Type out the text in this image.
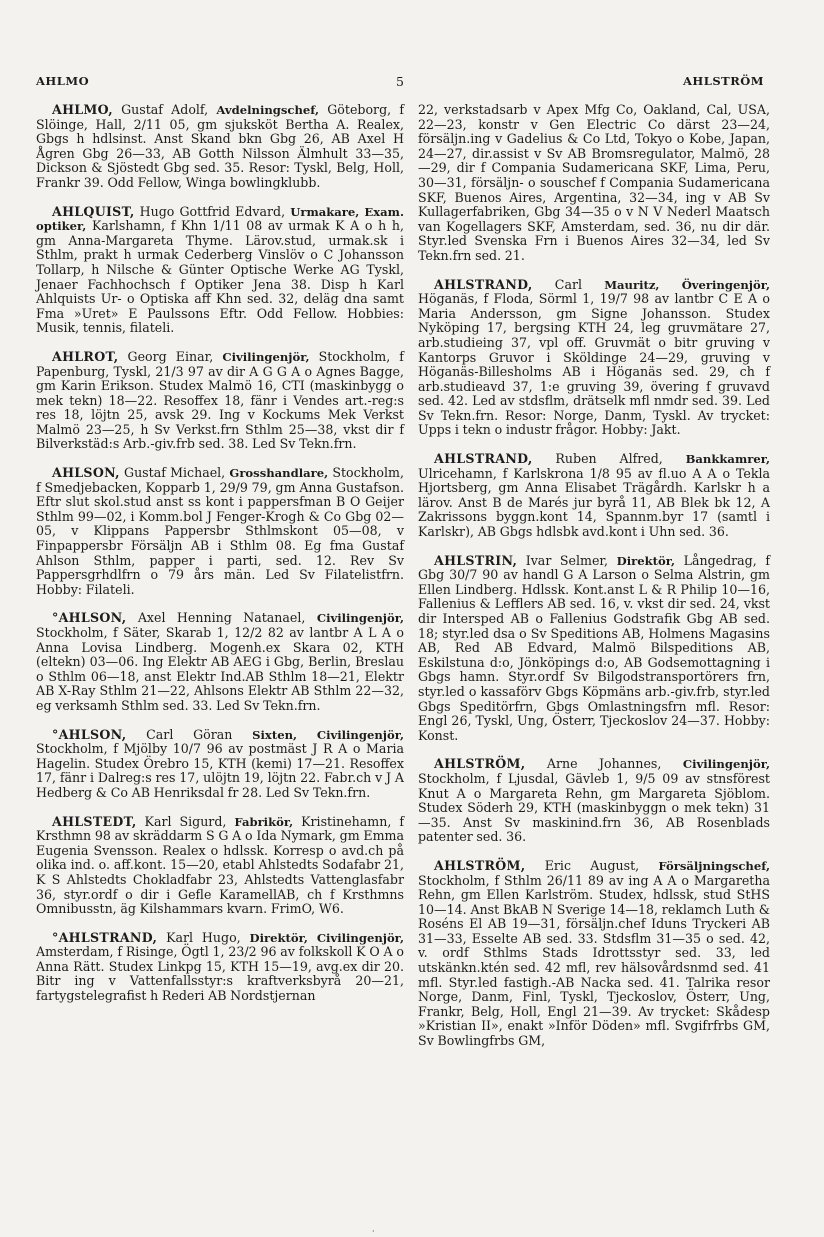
AHLMO	5	AHLSTRÖM

AHLMO, Gustaf Adolf, Avdelningschef, Göteborg, f Slöinge, Hall, 2/11 05, gm sjuksköt Bertha A. Realex, Gbgs h hdlsinst. Anst Skand bkn Gbg 26, AB Axel H Ågren Gbg 26—33, AB Gotth Nilsson Älmhult 33—35, Dickson & Sjöstedt Gbg sed. 35. Resor: Tyskl, Belg, Holl, Frankr 39. Odd Fellow, Winga bowlingklubb.

AHLQUIST, Hugo Gottfrid Edvard, Urmakare, Exam. optiker, Karlshamn, f Khn 1/11 08 av urmak K A o h h, gm Anna-Margareta Thyme. Lärov.stud, urmak.sk i Sthlm, prakt h urmak Cederberg Vinslöv o C Johansson Tollarp, h Nilsche & Günter Optische Werke AG Tyskl, Jenaer Fachhochsch f Optiker Jena 38. Disp h Karl Ahlquists Ur- o Optiska aff Khn sed. 32, deläg dna samt Fma »Uret» E Paulssons Eftr. Odd Fellow. Hobbies: Musik, tennis, filateli.

AHLROT, Georg Einar, Civilingenjör, Stockholm, f Papenburg, Tyskl, 21/3 97 av dir A G G A o Agnes Bagge, gm Karin Erikson. Studex Malmö 16, CTI (maskinbygg o mek tekn) 18—22. Resoffex 18, fänr i Vendes art.-reg:s res 18, löjtn 25, avsk 29. Ing v Kockums Mek Verkst Malmö 23—25, h Sv Verkst.frn Sthlm 25—38, vkst dir f Bilverkstäd:s Arb.-giv.frb sed. 38. Led Sv Tekn.frn.

AHLSON, Gustaf Michael, Grosshandlare, Stockholm, f Smedjebacken, Kopparb 1, 29/9 79, gm Anna Gustafson. Eftr slut skol.stud anst ss kont i pappersfman B O Geijer Sthlm 99—02, i Komm.bol J Fenger-Krogh & Co Gbg 02—05, v Klippans Pappersbr Sthlmskont 05—08, v Finpappersbr Försäljn AB i Sthlm 08. Eg fma Gustaf Ahlson Sthlm, papper i parti, sed. 12. Rev Sv Pappersgrhdlfrn o 79 års män. Led Sv Filatelistfrn. Hobby: Filateli.

°AHLSON, Axel Henning Natanael, Civilingenjör, Stockholm, f Säter, Skarab 1, 12/2 82 av lantbr A L A o Anna Lovisa Lindberg. Mogenh.ex Skara 02, KTH (eltekn) 03—06. Ing Elektr AB AEG i Gbg, Berlin, Breslau o Sthlm 06—18, anst Elektr Ind.AB Sthlm 18—21, Elektr AB X-Ray Sthlm 21—22, Ahlsons Elektr AB Sthlm 22—32, eg verksamh Sthlm sed. 33. Led Sv Tekn.frn.

°AHLSON, Carl Göran Sixten, Civilingenjör, Stockholm, f Mjölby 10/7 96 av postmäst J R A o Maria Hagelin. Studex Örebro 15, KTH (kemi) 17—21. Resoffex 17, fänr i Dalreg:s res 17, ulöjtn 19, löjtn 22. Fabr.ch v J A Hedberg & Co AB Henriksdal fr 28. Led Sv Tekn.frn.

AHLSTEDT, Karl Sigurd, Fabrikör, Kristinehamn, f Krsthmn 98 av skräddarm S G A o Ida Nymark, gm Emma Eugenia Svensson. Realex o hdlssk. Korresp o avd.ch på olika ind. o. aff.kont. 15—20, etabl Ahlstedts Sodafabr 21, K S Ahlstedts Chokladfabr 23, Ahlstedts Vattenglasfabr 36, styr.ordf o dir i Gefle KaramellAB, ch f Krsthmns Omnibusstn, äg Kilshammars kvarn. FrimO, W6.

°AHLSTRAND, Karl Hugo, Direktör, Civilingenjör, Amsterdam, f Risinge, Ögtl 1, 23/2 96 av folkskoll K O A o Anna Rätt. Studex Linkpg 15, KTH 15—19, avg.ex dir 20. Bitr ing v Vattenfallsstyr:s kraftverksbyrå 20—21, fartygstelegrafist h Rederi AB Nordstjernan

22, verkstadsarb v Apex Mfg Co, Oakland, Cal, USA, 22—23, konstr v Gen Electric Co därst 23—24, försäljn.ing v Gadelius & Co Ltd, Tokyo o Kobe, Japan, 24—27, dir.assist v Sv AB Bromsregulator, Malmö, 28—29, dir f Compania Sudamericana SKF, Lima, Peru, 30—31, försäljn- o souschef f Compania Sudamericana SKF, Buenos Aires, Argentina, 32—34, ing v AB Sv Kullagerfabriken, Gbg 34—35 o v N V Nederl Maatsch van Kogellagers SKF, Amsterdam, sed. 36, nu dir där. Styr.led Svenska Frn i Buenos Aires 32—34, led Sv Tekn.frn sed. 21.

AHLSTRAND, Carl Mauritz, Överingenjör, Höganäs, f Floda, Sörml 1, 19/7 98 av lantbr C E A o Maria Andersson, gm Signe Johansson. Studex Nyköping 17, bergsing KTH 24, leg gruvmätare 27, arb.studieing 37, vpl off. Gruvmät o bitr gruving v Kantorps Gruvor i Sköldinge 24—29, gruving v Höganäs-Billesholms AB i Höganäs sed. 29, ch f arb.studieavd 37, 1:e gruving 39, övering f gruvavd sed. 42. Led av stdsflm, drätselk mfl nmdr sed. 39. Led Sv Tekn.frn. Resor: Norge, Danm, Tyskl. Av trycket: Upps i tekn o industr frågor. Hobby: Jakt.

AHLSTRAND, Ruben Alfred, Bankkamrer, Ulricehamn, f Karlskrona 1/8 95 av fl.uo A A o Tekla Hjortsberg, gm Anna Elisabet Trägårdh. Karlskr h a lärov. Anst B de Marés jur byrå 11, AB Blek bk 12, A Zakrissons byggn.kont 14, Spannm.byr 17 (samtl i Karlskr), AB Gbgs hdlsbk avd.kont i Uhn sed. 36.

AHLSTRIN, Ivar Selmer, Direktör, Långedrag, f Gbg 30/7 90 av handl G A Larson o Selma Alstrin, gm Ellen Lindberg. Hdlssk. Kont.anst L & R Philip 10—16, Fallenius & Lefflers AB sed. 16, v. vkst dir sed. 24, vkst dir Intersped AB o Fallenius Godstrafik Gbg AB sed. 18; styr.led dsa o Sv Speditions AB, Holmens Magasins AB, Red AB Edvard, Malmö Bilspeditions AB, Eskilstuna d:o, Jönköpings d:o, AB Godsemottagning i Gbgs hamn. Styr.ordf Sv Bilgodstransportörers frn, styr.led o kassaförv Gbgs Köpmäns arb.-giv.frb, styr.led Gbgs Speditörfrn, Gbgs Omlastningsfrn mfl. Resor: Engl 26, Tyskl, Ung, Österr, Tjeckoslov 24—37. Hobby: Konst.

AHLSTRÖM, Arne Johannes, Civilingenjör, Stockholm, f Ljusdal, Gävleb 1, 9/5 09 av stnsförest Knut A o Margareta Rehn, gm Margareta Sjöblom. Studex Söderh 29, KTH (maskinbyggn o mek tekn) 31—35. Anst Sv maskinind.frn 36, AB Rosenblads patenter sed. 36.

AHLSTRÖM, Eric August, Försäljningschef, Stockholm, f Sthlm 26/11 89 av ing A A o Margaretha Rehn, gm Ellen Karlström. Studex, hdlssk, stud StHS 10—14. Anst BkAB N Sverige 14—18, reklamch Luth & Roséns El AB 19—31, försäljn.chef Iduns Tryckeri AB 31—33, Esselte AB sed. 33. Stdsflm 31—35 o sed. 42, v. ordf Sthlms Stads Idrottsstyr sed. 33, led utskänkn.ktén sed. 42 mfl, rev hälsovårdsnmd sed. 41 mfl. Styr.led fastigh.-AB Nacka sed. 41. Talrika resor Norge, Danm, Finl, Tyskl, Tjeckoslov, Österr, Ung, Frankr, Belg, Holl, Engl 21—39. Av trycket: Skådesp »Kristian II», enakt »Inför Döden» mfl. Svgifrfrbs GM, Sv Bowlingfrbs GM,

·
